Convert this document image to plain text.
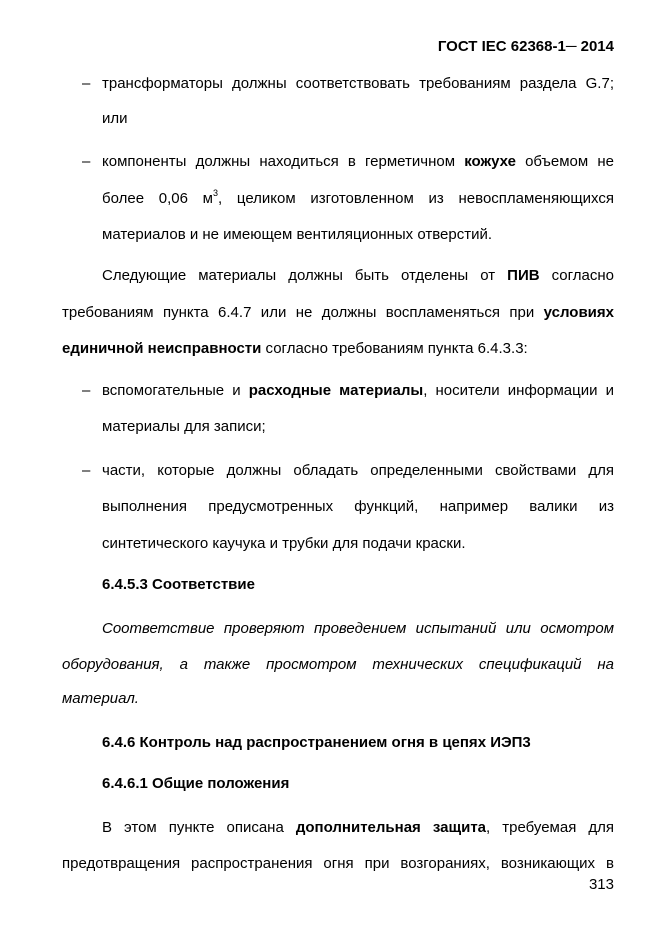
ГОСТ IEC 62368-1─ 2014
– трансформаторы должны соответствовать требованиям раздела G.7;
или
– компоненты должны находиться в герметичном кожухе объемом не
более 0,06 $м^3$, целиком изготовленном из невоспламеняющихся
материалов и не имеющем вентиляционных отверстий.
Следующие материалы должны быть отделены от ПИВ согласно
требованиям пункта 6.4.7 или не должны воспламеняться при условиях
единичной неисправности согласно требованиям пункта 6.4.3.3:
– вспомогательные и расходные материалы, носители информации и
материалы для записи;
– части, которые должны обладать определенными свойствами для
выполнения предусмотренных функций, например валики из
синтетического каучука и трубки для подачи краски.
6.4.5.3 Соответствие
Соответствие проверяют проведением испытаний или осмотром
оборудования, а также просмотром технических спецификаций на
материал.
6.4.6 Контроль над распространением огня в цепях ИЭП3
6.4.6.1 Общие положения
В этом пункте описана дополнительная защита, требуемая для
предотвращения распространения огня при возгораниях, возникающих в
313
